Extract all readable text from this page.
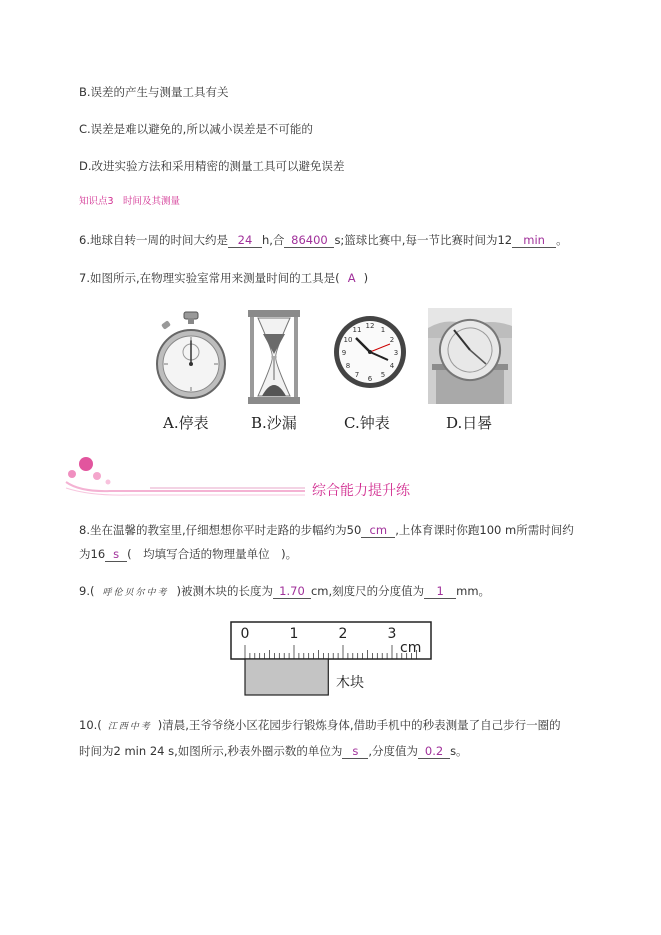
B.误差的产生与测量工具有关
C.误差是难以避免的,所以减小误差是不可能的
D.改进实验方法和采用精密的测量工具可以避免误差
知识点3　时间及其测量
6.地球自转一周的时间大约是 24 h,合 86400 s;篮球比赛中,每一节比赛时间为12 min 。
7.如图所示,在物理实验室常用来测量时间的工具是( A )
12
3
6
9
1
2
4
5
7
8
10
11
A.停表	B.沙漏	C.钟表	D.日晷
综合能力提升练
8.坐在温馨的教室里,仔细想想你平时走路的步幅约为50 cm ,上体育课时你跑100 m所需时间约
为16 s (　均填写合适的物理量单位　)。
9.( 呼伦贝尔中考 )被测木块的长度为 1.70 cm,刻度尺的分度值为 1 mm。
0	1	2	3
cm
木块
10.( 江西中考 )清晨,王爷爷绕小区花园步行锻炼身体,借助手机中的秒表测量了自己步行一圈的
时间为2 min 24 s,如图所示,秒表外圈示数的单位为 s ,分度值为 0.2 s。
